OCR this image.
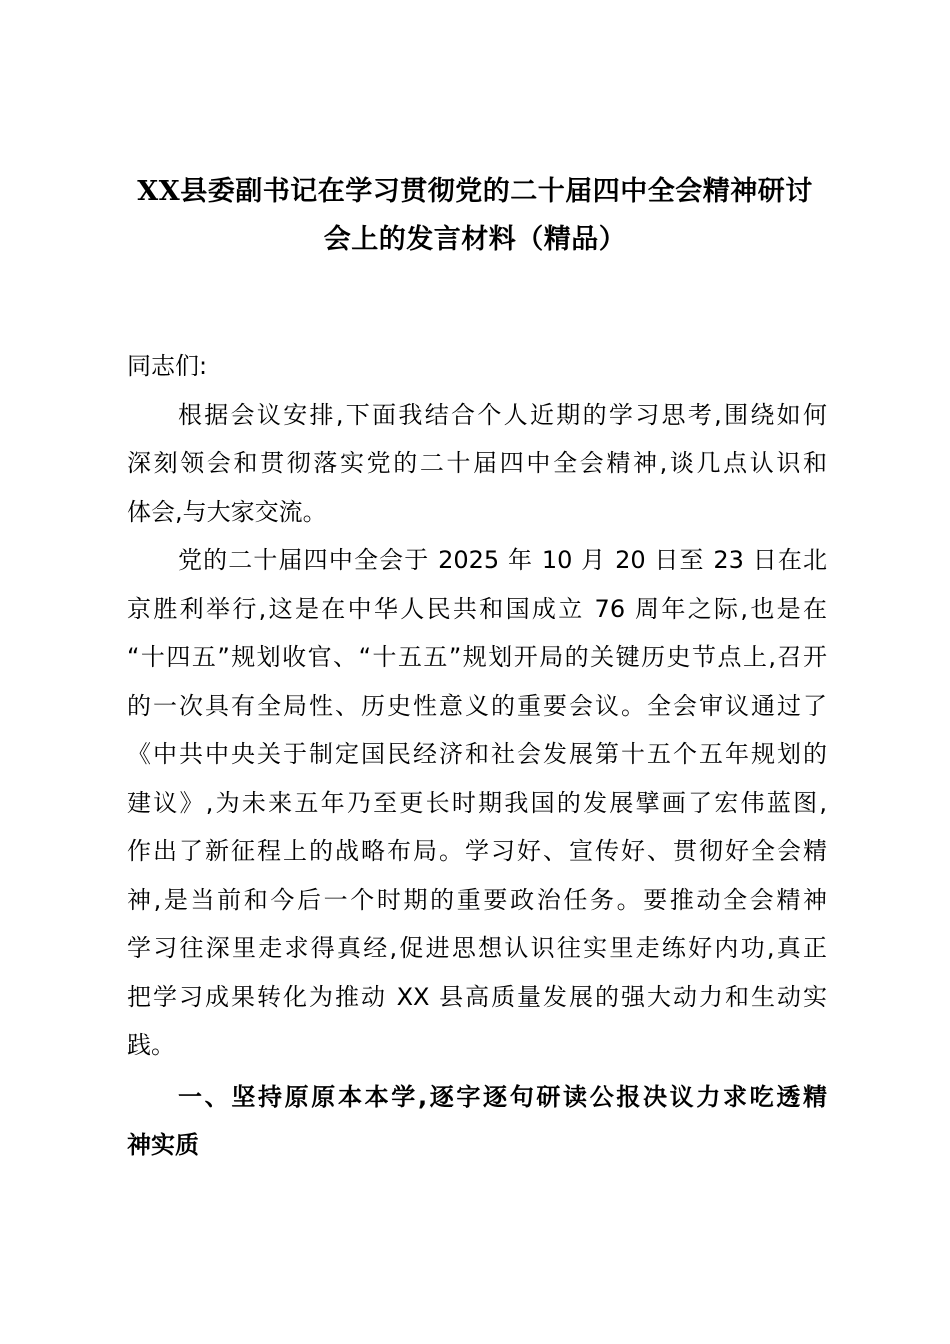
XX县委副书记在学习贯彻党的二十届四中全会精神研讨
会上的发言材料（精品）
同志们:
根据会议安排,下面我结合个人近期的学习思考,围绕如何
深刻领会和贯彻落实党的二十届四中全会精神,谈几点认识和
体会,与大家交流。
党的二十届四中全会于 2025 年 10 月 20 日至 23 日在北
京胜利举行,这是在中华人民共和国成立 76 周年之际,也是在
“十四五”规划收官、“十五五”规划开局的关键历史节点上,召开
的一次具有全局性、历史性意义的重要会议。全会审议通过了
《中共中央关于制定国民经济和社会发展第十五个五年规划的
建议》,为未来五年乃至更长时期我国的发展擘画了宏伟蓝图,
作出了新征程上的战略布局。学习好、宣传好、贯彻好全会精
神,是当前和今后一个时期的重要政治任务。要推动全会精神
学习往深里走求得真经,促进思想认识往实里走练好内功,真正
把学习成果转化为推动 XX 县高质量发展的强大动力和生动实
践。
一、坚持原原本本学,逐字逐句研读公报决议力求吃透精
神实质
